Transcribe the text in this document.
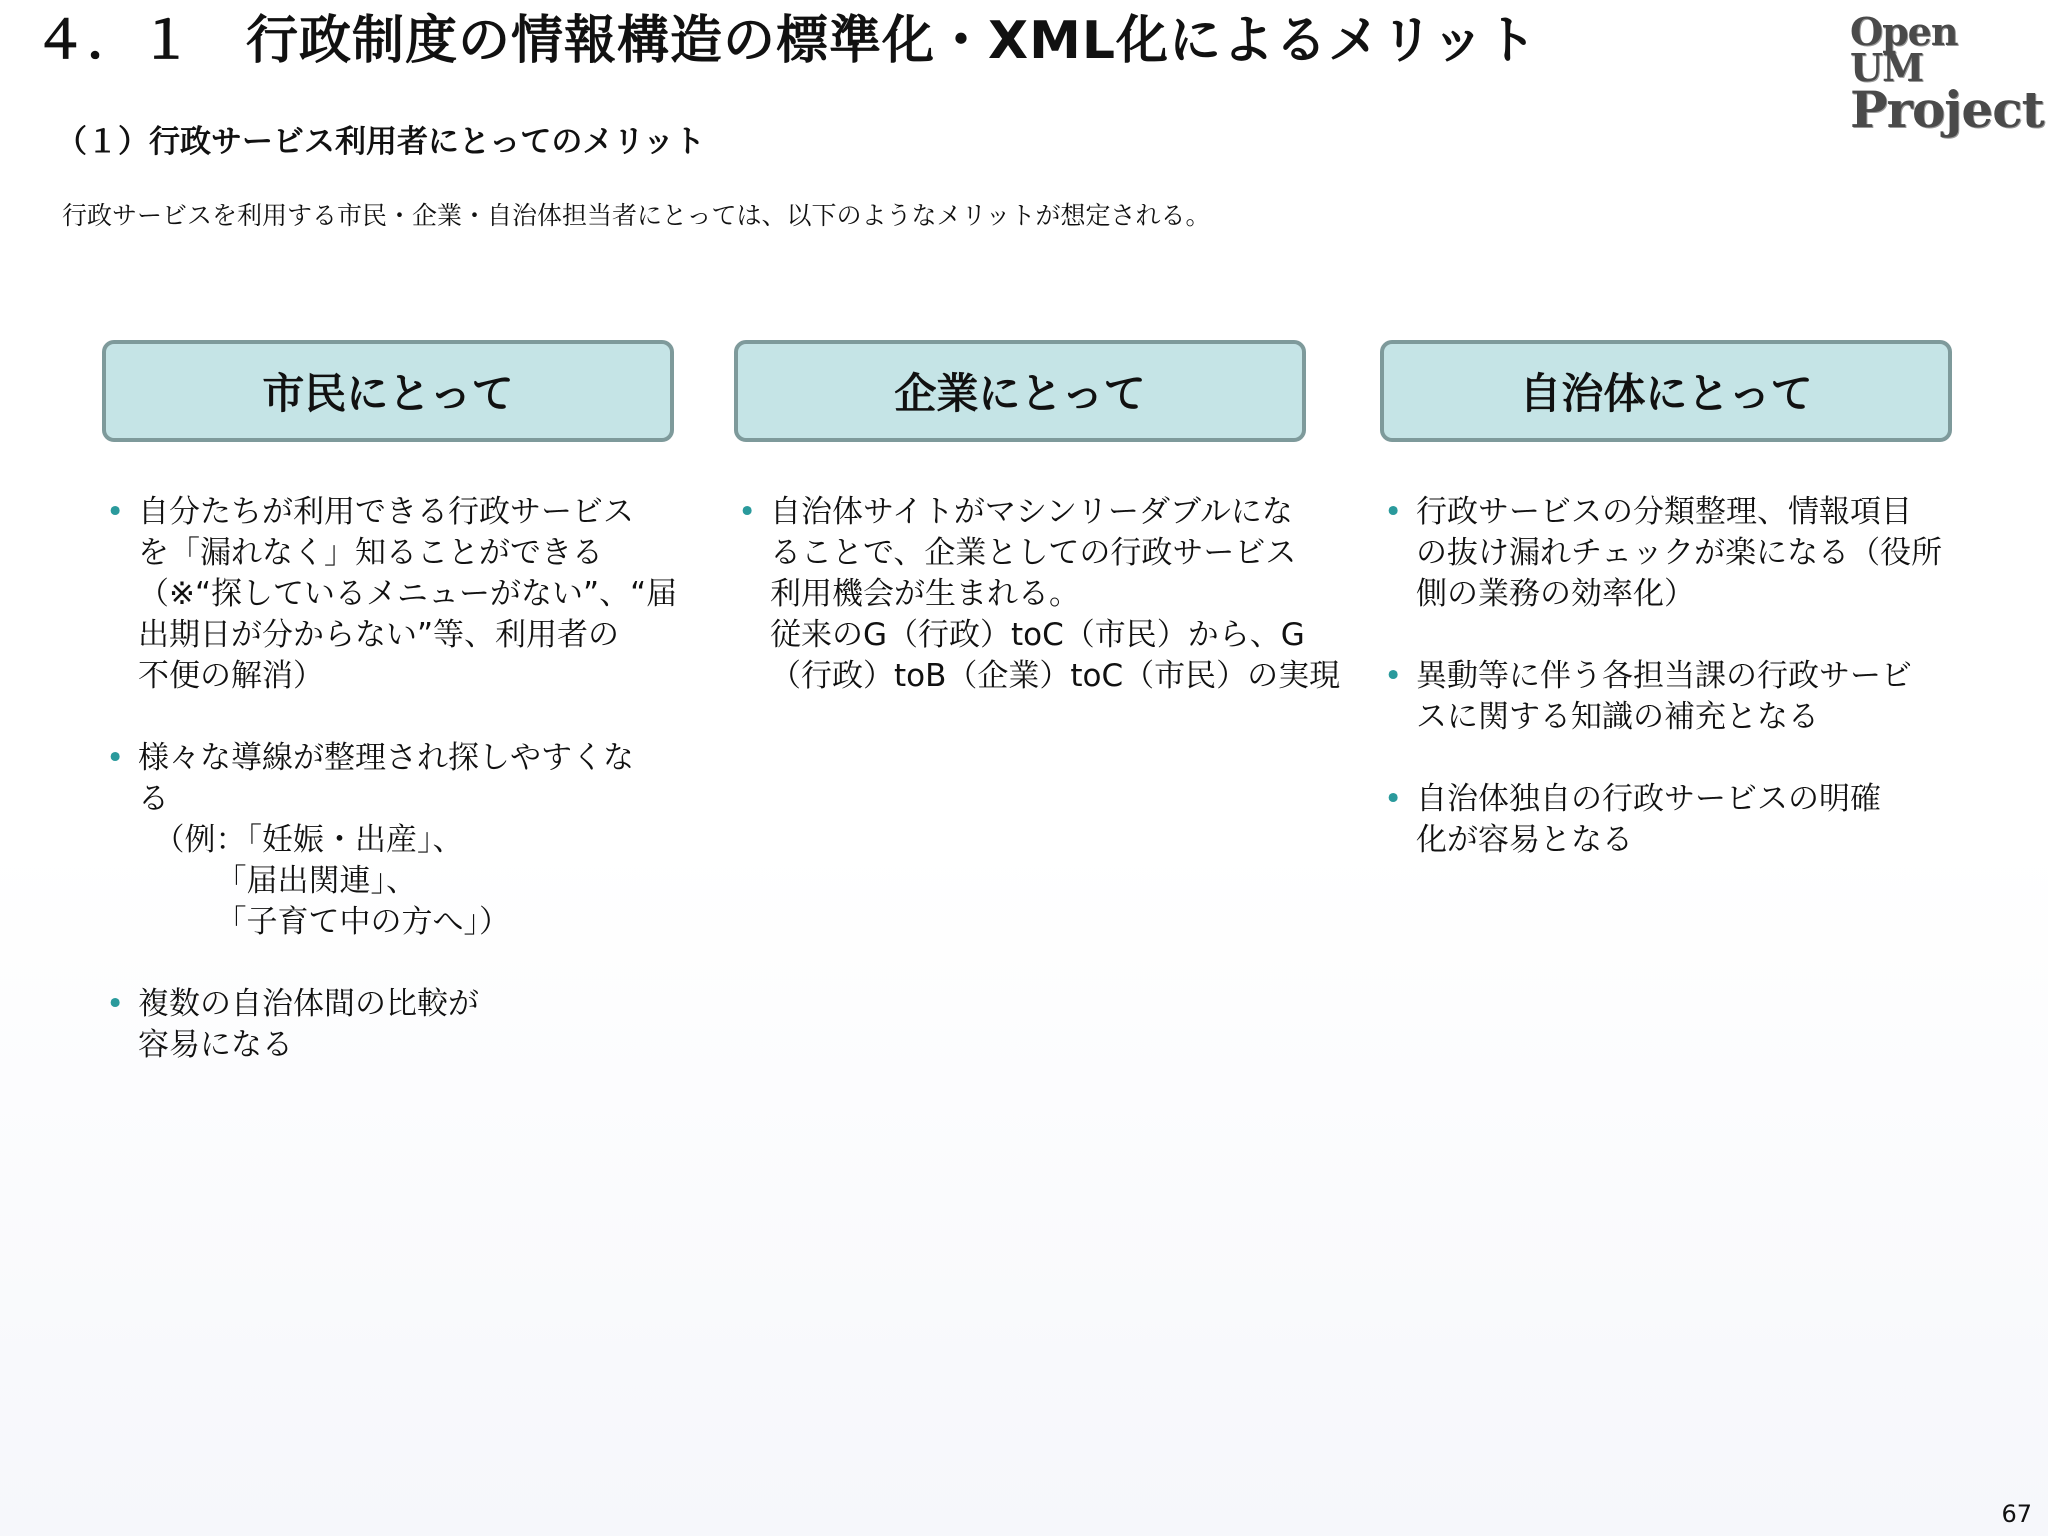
４．１　行政制度の情報構造の標準化・XML化によるメリット	Open UM
Project
（１）行政サービス利用者にとってのメリット
行政サービスを利用する市民・企業・自治体担当者にとっては、以下のようなメリットが想定される。
市民にとって
• 自分たちが利用できる行政サービス
を「漏れなく」知ることができる
（※“探しているメニューがない”、“届
出期日が分からない”等、利用者の
不便の解消）
• 様々な導線が整理され探しやすくな
る
　（例：「妊娠・出産」、
　　　「届出関連」、
　　　「子育て中の方へ」）
• 複数の自治体間の比較が
容易になる
企業にとって
• 自治体サイトがマシンリーダブルにな
ることで、企業としての行政サービス
利用機会が生まれる。
従来のG（行政）toC（市民）から、G
（行政）toB（企業）toC（市民）の実現
自治体にとって
• 行政サービスの分類整理、情報項目
の抜け漏れチェックが楽になる（役所
側の業務の効率化）
• 異動等に伴う各担当課の行政サービ
スに関する知識の補充となる
• 自治体独自の行政サービスの明確
化が容易となる
67
